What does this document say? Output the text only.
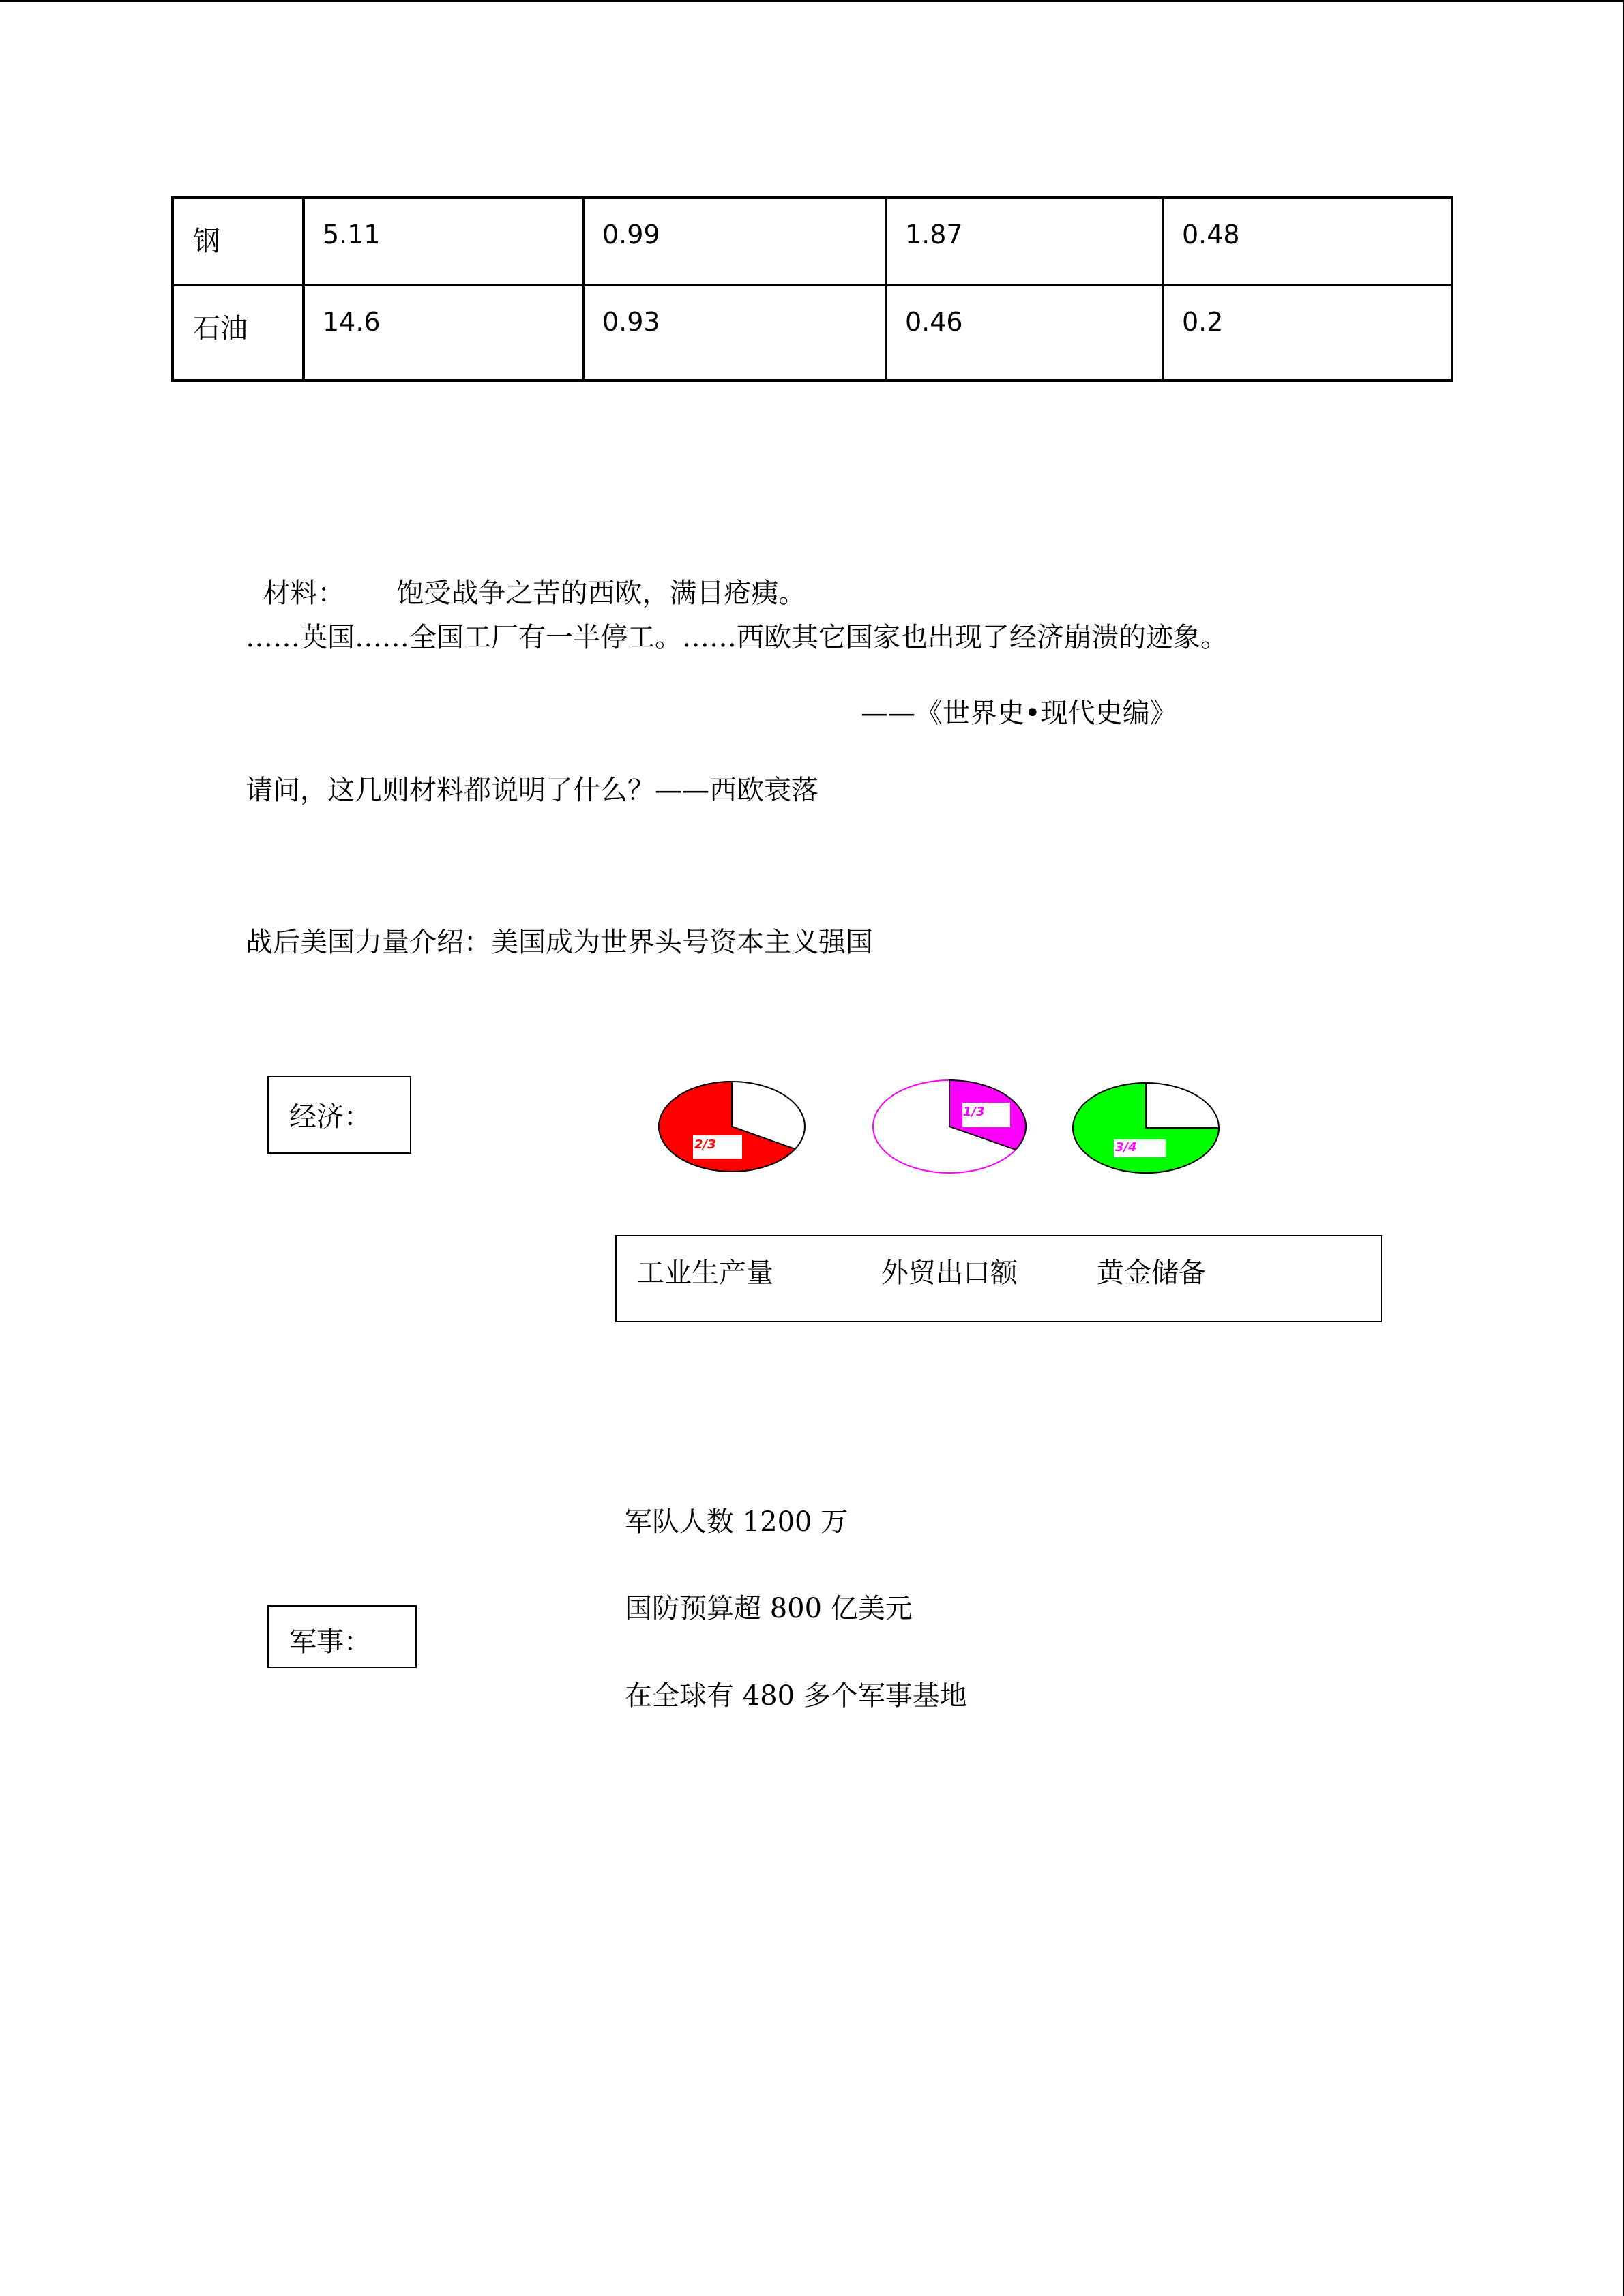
钢	5.11	0.99	1.87	0.48
石油	14.6	0.93	0.46	0.2

材料： 饱受战争之苦的西欧，满目疮痍。

……英国……全国工厂有一半停工。……西欧其它国家也出现了经济崩溃的迹象。
——《世界史•现代史编》
请问，这几则材料都说明了什么？——西欧衰落
战后美国力量介绍：美国成为世界头号资本主义强国
经济：
2/3
1/3
3/4
工业生产量	外贸出口额	黄金储备
军队人数 1200 万
国防预算超 800 亿美元
在全球有 480 多个军事基地
军事：
